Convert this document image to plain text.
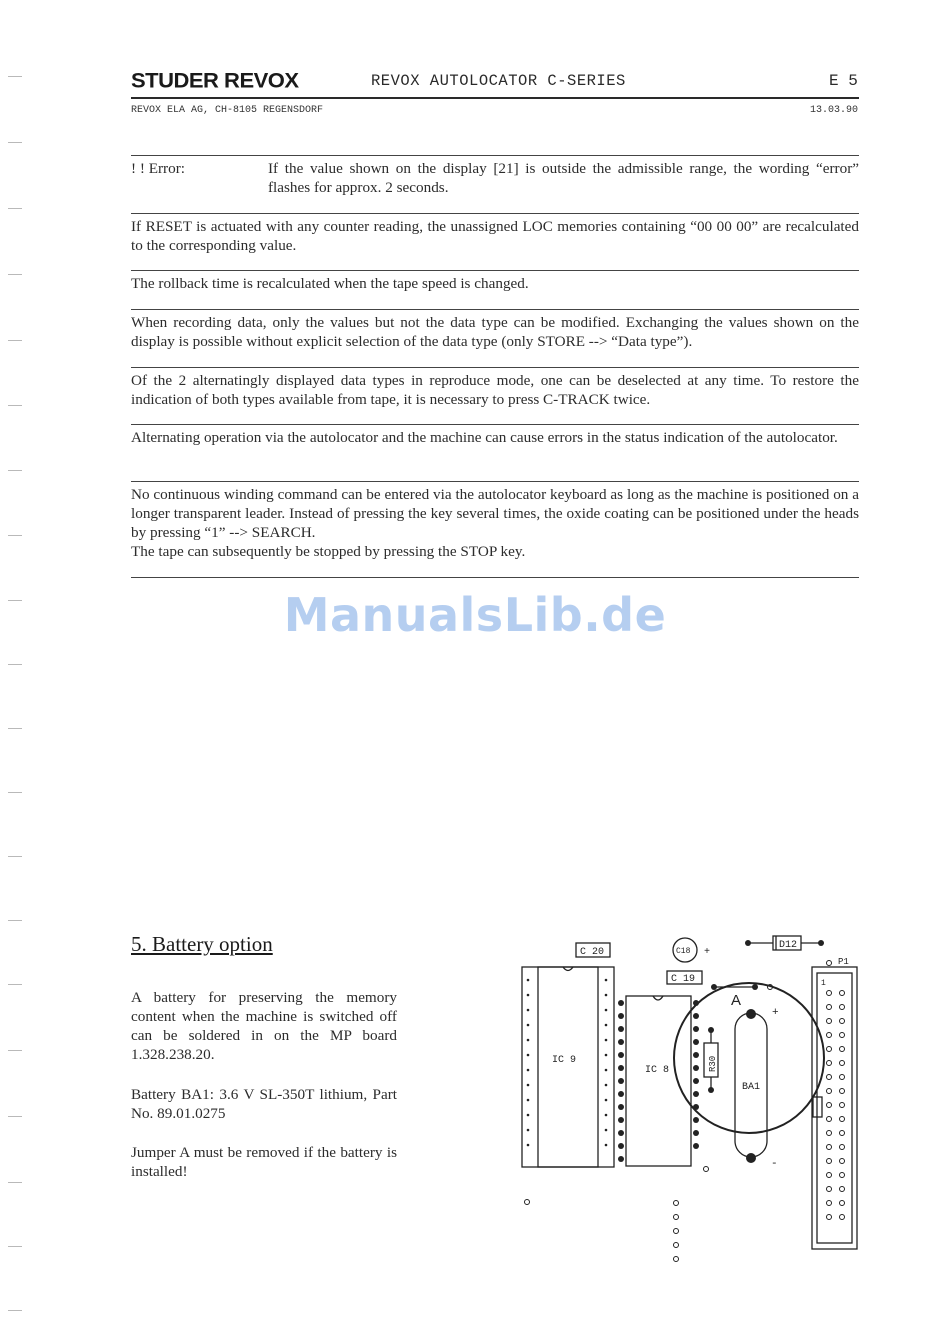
STUDER REVOX	REVOX AUTOLOCATOR C-SERIES	E 5
REVOX ELA AG, CH-8105 REGENSDORF	13.03.90
! ! Error:	If the value shown on the display [21] is outside the admissible range, the wording “error” flashes for approx. 2 seconds.
If RESET is actuated with any counter reading, the unassigned LOC memories containing “00 00 00” are recalculated to the corresponding value.
The rollback time is recalculated when the tape speed is changed.
When recording data, only the values but not the data type can be modified. Exchanging the values shown on the display is possible without explicit selection of the data type (only STORE --> “Data type”).
Of the 2 alternatingly displayed data types in reproduce mode, one can be deselected at any time. To restore the indication of both types available from tape, it is necessary to press C-TRACK twice.
Alternating operation via the autolocator and the machine can cause errors in the status indication of the autolocator.
No continuous winding command can be entered via the autolocator keyboard as long as the machine is positioned on a longer transparent leader. Instead of pressing the key several times, the oxide coating can be positioned under the heads by pressing “1” --> SEARCH.
The tape can subsequently be stopped by pressing the STOP key.
ManualsLib.de
5. Battery option
A battery for preserving the memory content when the machine is switched off can be soldered in on the MP board 1.328.238.20.
Battery BA1: 3.6 V SL-350T lithium, Part No. 89.01.0275
Jumper A must be removed if the battery is installed!
C 20	C18 +
D12
C 19
P1
IC 9
IC 8	R30
BA1
A
+
-
1
